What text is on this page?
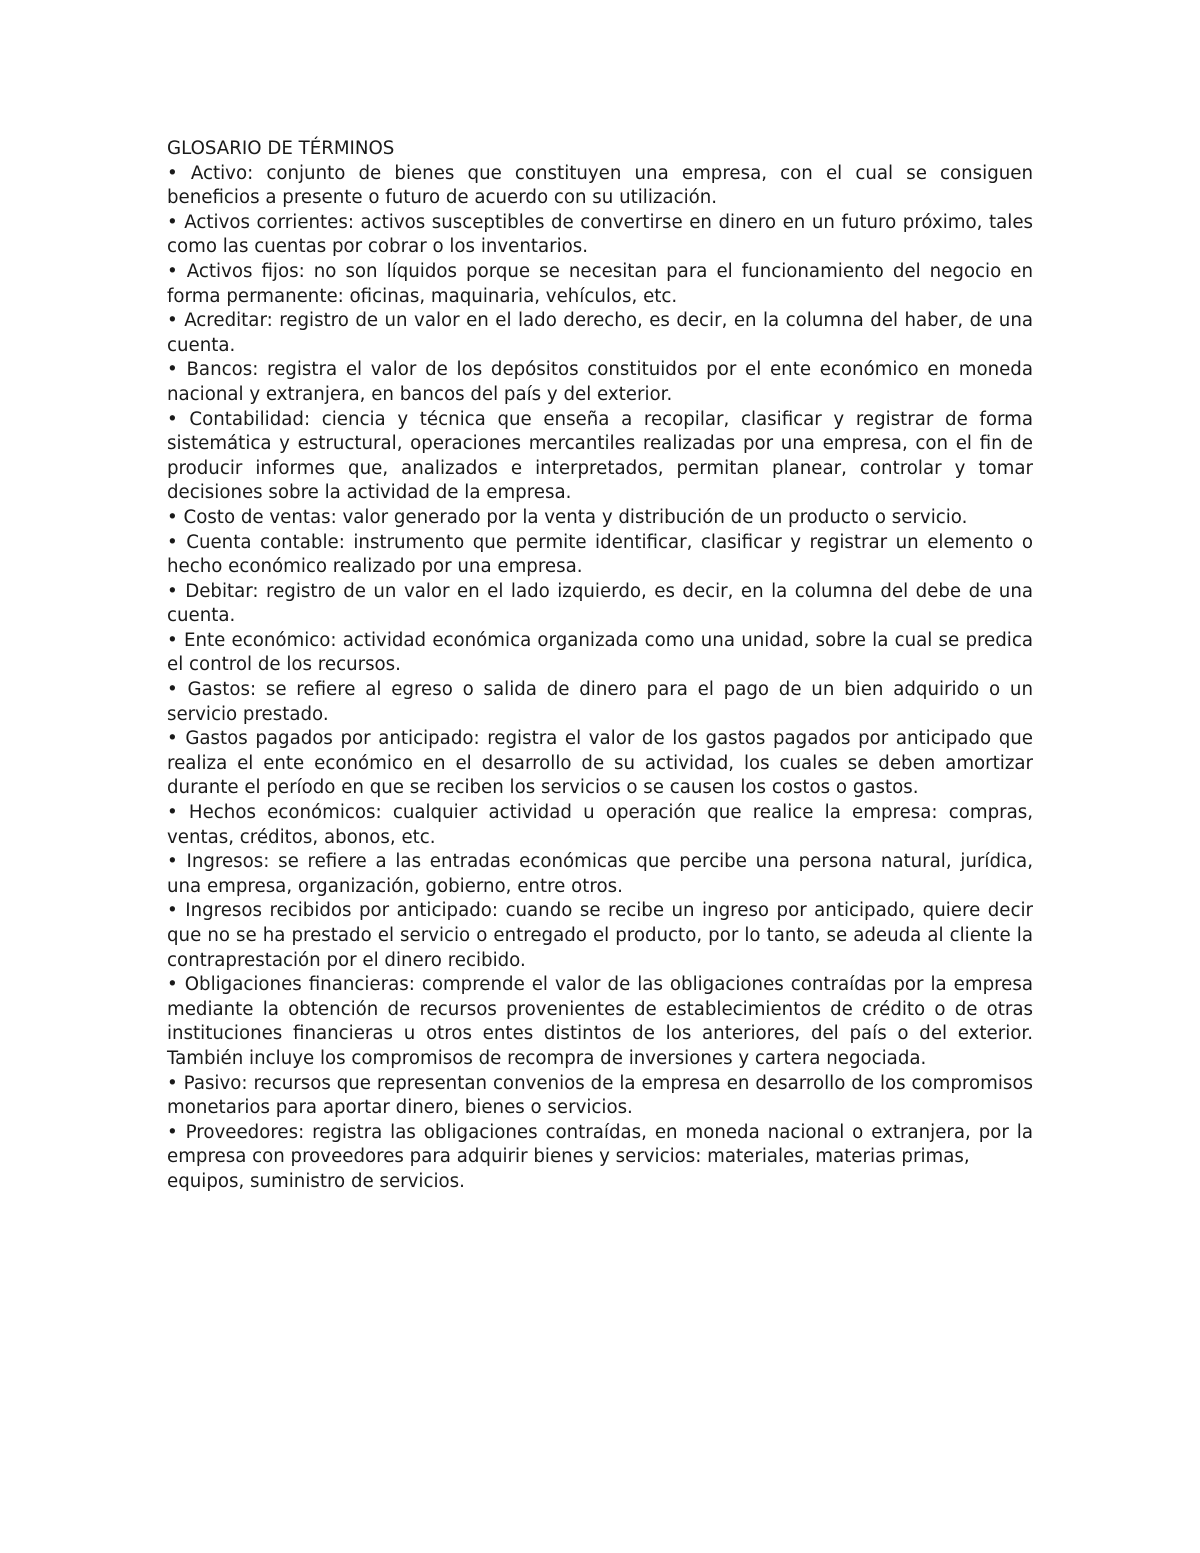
GLOSARIO DE TÉRMINOS

• Activo: conjunto de bienes que constituyen una empresa, con el cual se consiguen beneficios a presente o futuro de acuerdo con su utilización.

• Activos corrientes: activos susceptibles de convertirse en dinero en un futuro próximo, tales como las cuentas por cobrar o los inventarios.

• Activos fijos: no son líquidos porque se necesitan para el funcionamiento del negocio en forma permanente: oficinas, maquinaria, vehículos, etc.

• Acreditar: registro de un valor en el lado derecho, es decir, en la columna del haber, de una cuenta.

• Bancos: registra el valor de los depósitos constituidos por el ente económico en moneda nacional y extranjera, en bancos del país y del exterior.

• Contabilidad: ciencia y técnica que enseña a recopilar, clasificar y registrar de forma sistemática y estructural, operaciones mercantiles realizadas por una empresa, con el fin de producir informes que, analizados e interpretados, permitan planear, controlar y tomar decisiones sobre la actividad de la empresa.

• Costo de ventas: valor generado por la venta y distribución de un producto o servicio.

• Cuenta contable: instrumento que permite identificar, clasificar y registrar un elemento o hecho económico realizado por una empresa.

• Debitar: registro de un valor en el lado izquierdo, es decir, en la columna del debe de una cuenta.

• Ente económico: actividad económica organizada como una unidad, sobre la cual se predica el control de los recursos.

• Gastos: se refiere al egreso o salida de dinero para el pago de un bien adquirido o un servicio prestado.

• Gastos pagados por anticipado: registra el valor de los gastos pagados por anticipado que realiza el ente económico en el desarrollo de su actividad, los cuales se deben amortizar durante el período en que se reciben los servicios o se causen los costos o gastos.

• Hechos económicos: cualquier actividad u operación que realice la empresa: compras, ventas, créditos, abonos, etc.

• Ingresos: se refiere a las entradas económicas que percibe una persona natural, jurídica, una empresa, organización, gobierno, entre otros.

• Ingresos recibidos por anticipado: cuando se recibe un ingreso por anticipado, quiere decir que no se ha prestado el servicio o entregado el producto, por lo tanto, se adeuda al cliente la contraprestación por el dinero recibido.

• Obligaciones financieras: comprende el valor de las obligaciones contraídas por la empresa mediante la obtención de recursos provenientes de establecimientos de crédito o de otras instituciones financieras u otros entes distintos de los anteriores, del país o del exterior. También incluye los compromisos de recompra de inversiones y cartera negociada.

• Pasivo: recursos que representan convenios de la empresa en desarrollo de los compromisos monetarios para aportar dinero, bienes o servicios.

• Proveedores: registra las obligaciones contraídas, en moneda nacional o extranjera, por la empresa con proveedores para adquirir bienes y servicios: materiales, materias primas,

equipos, suministro de servicios.
